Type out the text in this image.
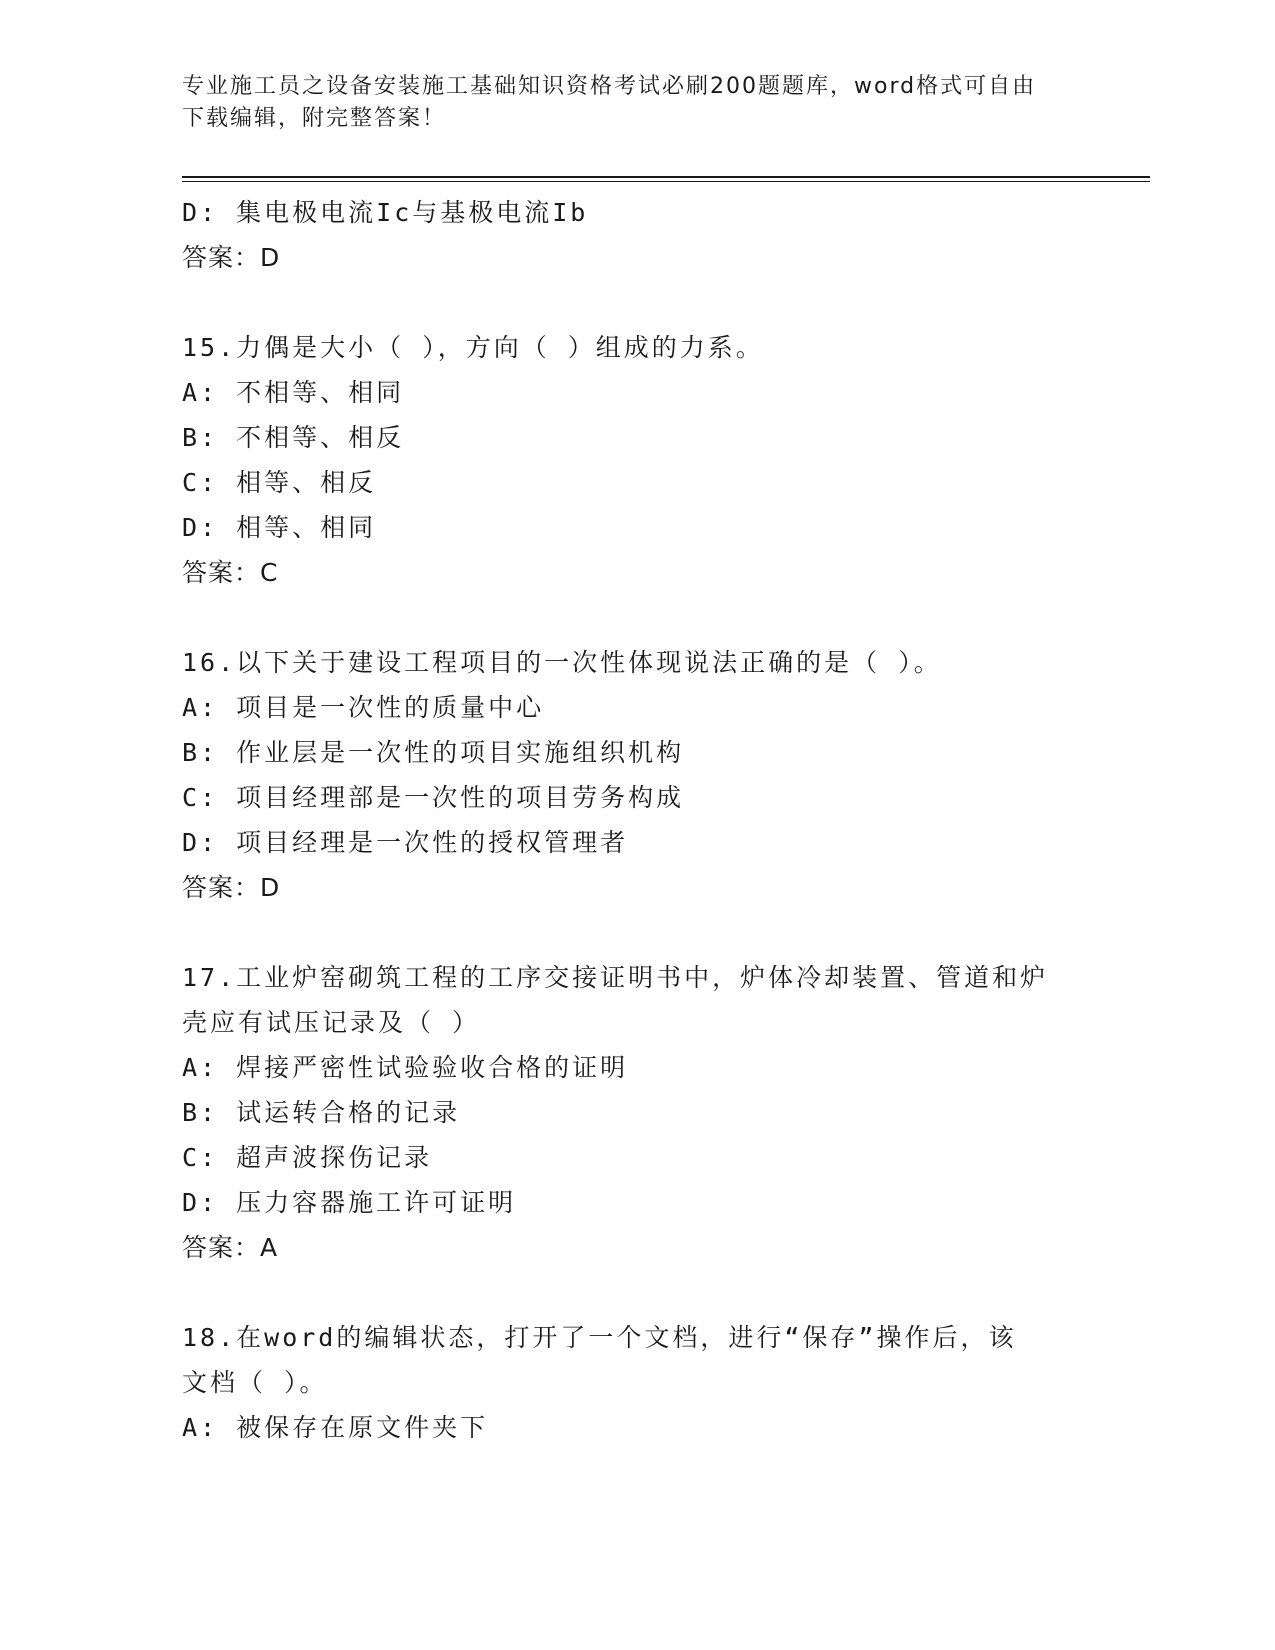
专业施工员之设备安装施工基础知识资格考试必刷200题题库，word格式可自由
下载编辑，附完整答案！
D: 集电极电流Ic与基极电流Ib
答案：D
15.力偶是大小（ ），方向（ ）组成的力系。
A: 不相等、相同
B: 不相等、相反
C: 相等、相反
D: 相等、相同
答案：C
16.以下关于建设工程项目的一次性体现说法正确的是（ ）。
A: 项目是一次性的质量中心
B: 作业层是一次性的项目实施组织机构
C: 项目经理部是一次性的项目劳务构成
D: 项目经理是一次性的授权管理者
答案：D
17.工业炉窑砌筑工程的工序交接证明书中，炉体冷却装置、管道和炉
壳应有试压记录及（ ）
A: 焊接严密性试验验收合格的证明
B: 试运转合格的记录
C: 超声波探伤记录
D: 压力容器施工许可证明
答案：A
18.在word的编辑状态，打开了一个文档，进行“保存”操作后，该
文档（ ）。
A: 被保存在原文件夹下
